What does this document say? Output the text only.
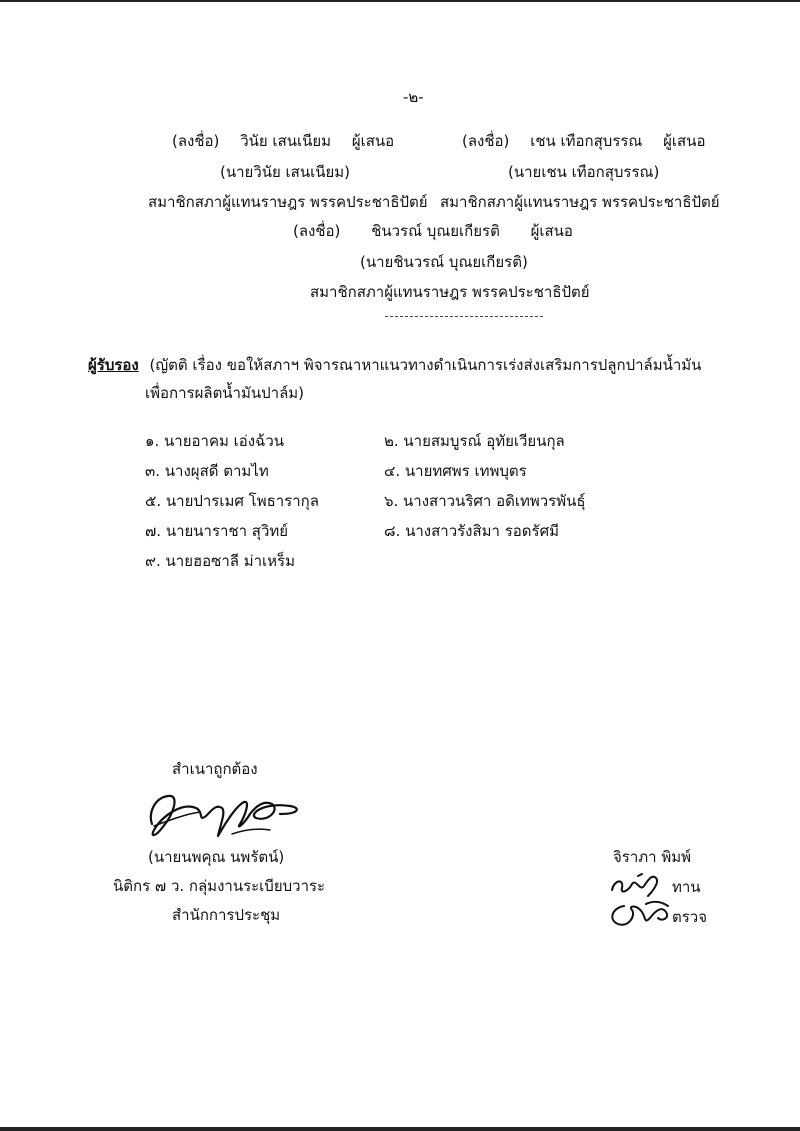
-๒-
(ลงชื่อ) วินัย เสนเนียม ผู้เสนอ	(ลงชื่อ) เชน เทือกสุบรรณ ผู้เสนอ
(นายวินัย เสนเนียม)	(นายเชน เทือกสุบรรณ)
สมาชิกสภาผู้แทนราษฎร พรรคประชาธิปัตย์ สมาชิกสภาผู้แทนราษฎร พรรคประชาธิปัตย์
(ลงชื่อ) ชินวรณ์ บุณยเกียรติ ผู้เสนอ
(นายชินวรณ์ บุณยเกียรติ)
สมาชิกสภาผู้แทนราษฎร พรรคประชาธิปัตย์
ผู้รับรอง (ญัตติ เรื่อง ขอให้สภาฯ พิจารณาหาแนวทางดำเนินการเร่งส่งเสริมการปลูกปาล์มน้ำมัน
เพื่อการผลิตน้ำมันปาล์ม)
๑. นายอาคม เอ่งฉ้วน	๒. นายสมบูรณ์ อุทัยเวียนกุล
๓. นางผุสดี ตามไท	๔. นายทศพร เทพบุตร
๕. นายปารเมศ โพธารากุล	๖. นางสาวนริศา อดิเทพวรพันธุ์
๗. นายนาราชา สุวิทย์	๘. นางสาวรังสิมา รอดรัศมี
๙. นายฮอซาลี ม่าเหร็ม
สำเนาถูกต้อง
(นายนพคุณ นพรัตน์)
นิติกร ๗ ว. กลุ่มงานระเบียบวาระ
สำนักการประชุม
จิราภา พิมพ์
ทาน
ตรวจ
